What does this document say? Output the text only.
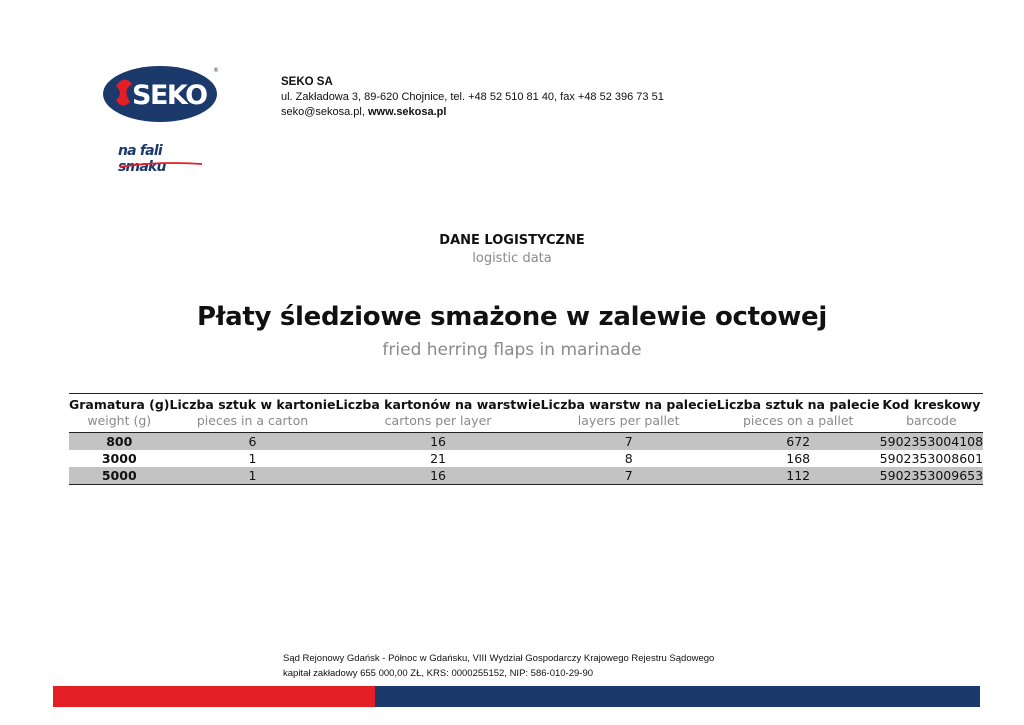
SEKO
®
na fali smaku
SEKO SA
ul. Zakładowa 3, 89-620 Chojnice, tel. +48 52 510 81 40, fax +48 52 396 73 51
seko@sekosa.pl, www.sekosa.pl
DANE LOGISTYCZNE
logistic data
Płaty śledziowe smażone w zalewie octowej
fried herring flaps in marinade
Gramatura (g)	Liczba sztuk w kartonie	Liczba kartonów na warstwie	Liczba warstw na palecie	Liczba sztuk na palecie	Kod kreskowy
weight (g)	pieces in a carton	cartons per layer	layers per pallet	pieces on a pallet	barcode
800	6	16	7	672	5902353004108
3000	1	21	8	168	5902353008601
5000	1	16	7	112	5902353009653
Sąd Rejonowy Gdańsk - Północ w Gdańsku, VIII Wydział Gospodarczy Krajowego Rejestru Sądowego
kapitał zakładowy 655 000,00 ZŁ, KRS: 0000255152, NIP: 586-010-29-90
